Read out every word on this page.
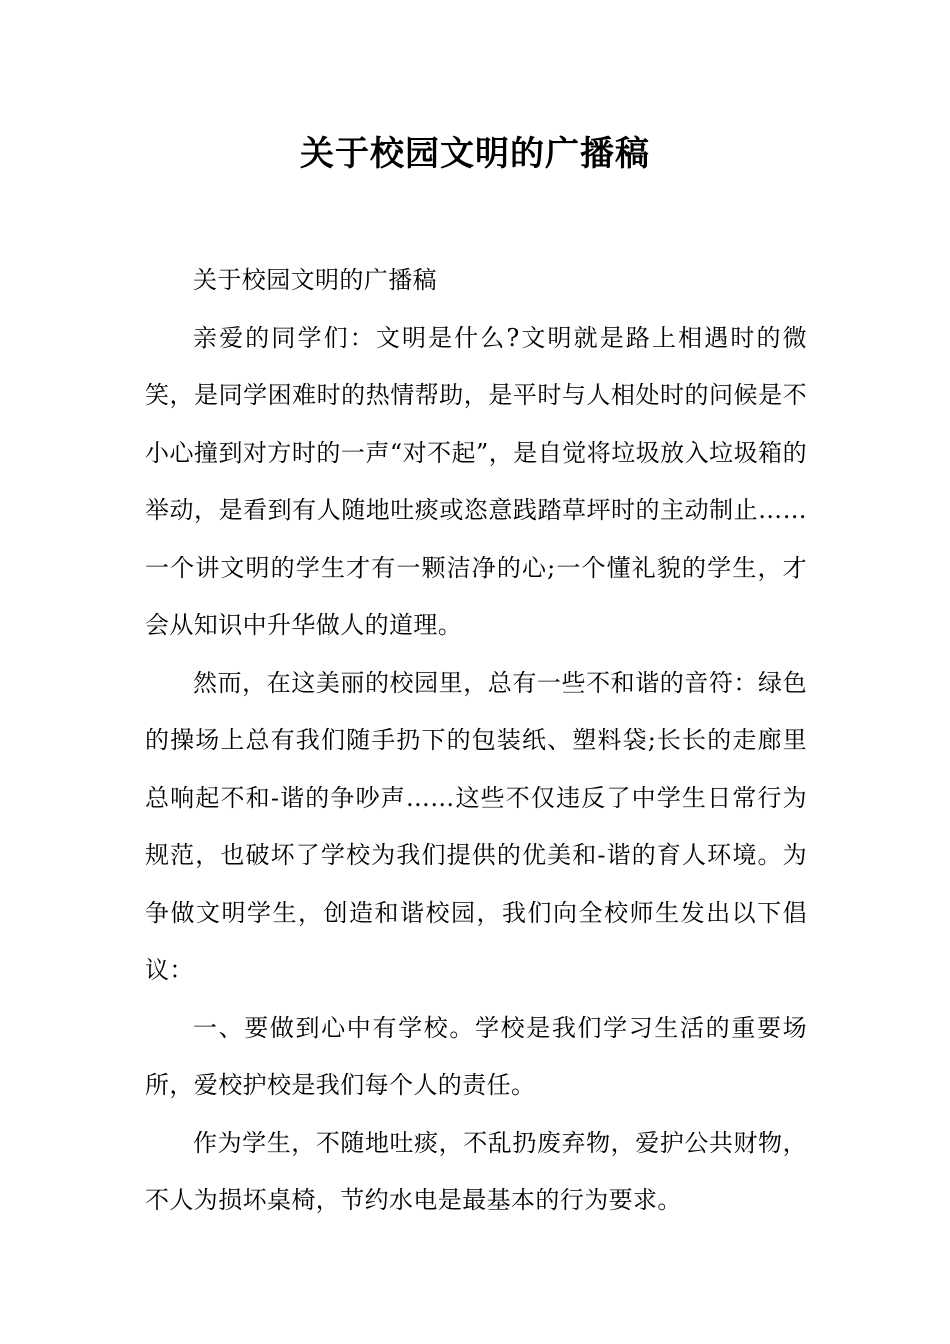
关于校园文明的广播稿

关于校园文明的广播稿

亲爱的同学们：文明是什么?文明就是路上相遇时的微笑，是同学困难时的热情帮助，是平时与人相处时的问候是不小心撞到对方时的一声“对不起”，是自觉将垃圾放入垃圾箱的举动，是看到有人随地吐痰或恣意践踏草坪时的主动制止……一个讲文明的学生才有一颗洁净的心;一个懂礼貌的学生，才会从知识中升华做人的道理。

然而，在这美丽的校园里，总有一些不和谐的音符：绿色的操场上总有我们随手扔下的包装纸、塑料袋;长长的走廊里总响起不和-谐的争吵声……这些不仅违反了中学生日常行为规范，也破坏了学校为我们提供的优美和-谐的育人环境。为争做文明学生，创造和谐校园，我们向全校师生发出以下倡议：

一、要做到心中有学校。学校是我们学习生活的重要场所，爱校护校是我们每个人的责任。

作为学生，不随地吐痰，不乱扔废弃物，爱护公共财物，不人为损坏桌椅，节约水电是最基本的行为要求。
